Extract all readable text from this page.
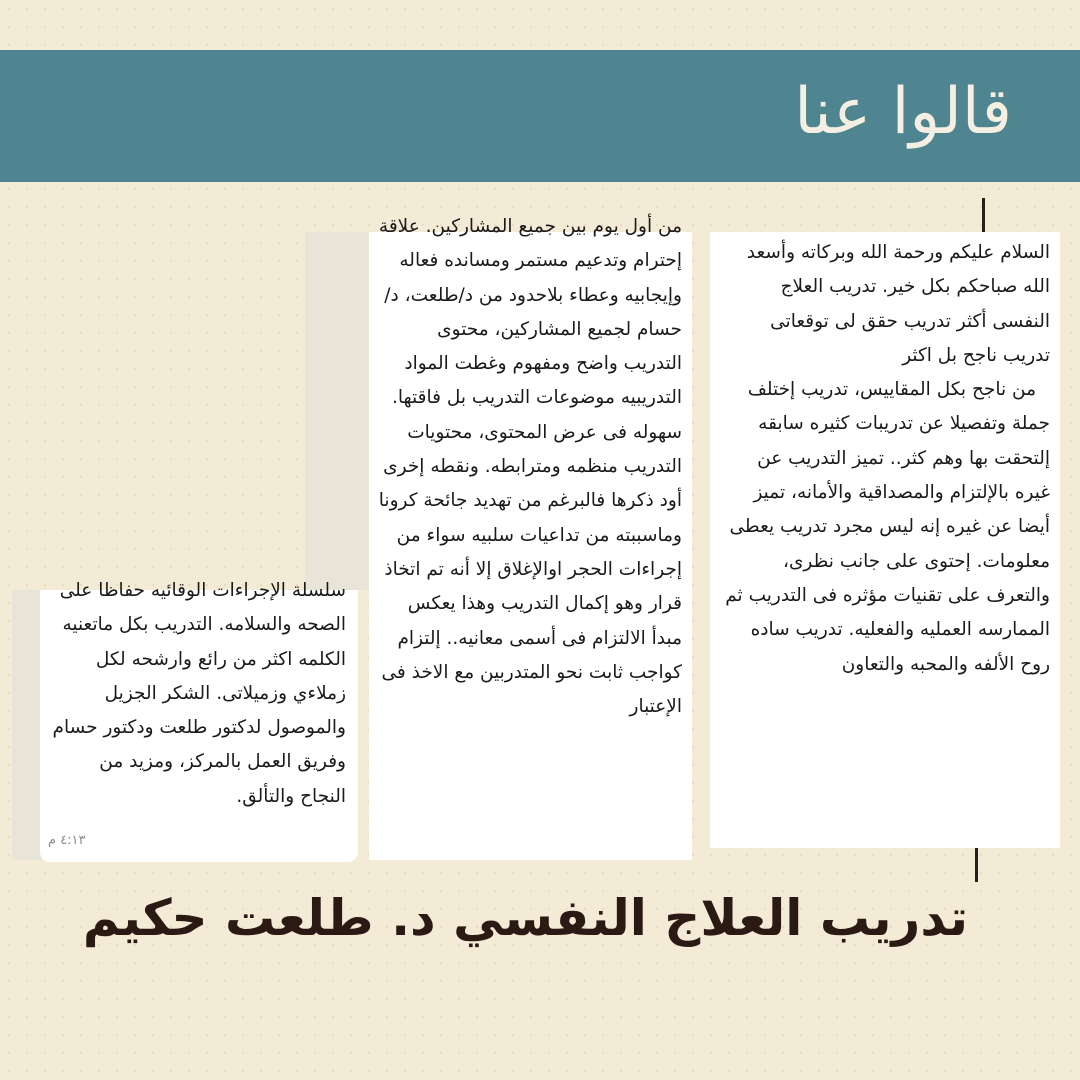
قالوا عنا

السلام عليكم ورحمة الله وبركاته وأسعد الله صباحكم بكل خير. تدريب العلاج النفسى أكثر تدريب حقق لى توقعاتى تدريب ناجح بل اكثر

من ناجح بكل المقاييس، تدريب إختلف جملة وتفصيلا عن تدريبات كثيره سابقه إلتحقت بها وهم كثر.. تميز التدريب عن غيره بالإلتزام والمصداقية والأمانه، تميز أيضا عن غيره إنه ليس مجرد تدريب يعطى معلومات. إحتوى على جانب نظرى، والتعرف على تقنيات مؤثره فى التدريب ثم الممارسه العمليه والفعليه. تدريب ساده روح الألفه والمحبه والتعاون

من أول يوم بين جميع المشاركين. علاقة إحترام وتدعيم مستمر ومسانده فعاله وإيجابيه وعطاء بلاحدود من د/طلعت، د/حسام لجميع المشاركين، محتوى التدريب واضح ومفهوم وغطت المواد التدريبيه موضوعات التدريب بل فاقتها. سهوله فى عرض المحتوى، محتويات التدريب منظمه ومترابطه. ونقطه إخرى أود ذكرها فالبرغم من تهديد جائحة كرونا وماسببته من تداعيات سلبيه سواء من إجراءات الحجر اوالإغلاق إلا أنه تم اتخاذ قرار وهو إكمال التدريب وهذا يعكس مبدأ الالتزام فى أسمى معانيه.. إلتزام كواجب ثابت نحو المتدربين مع الاخذ فى الإعتبار

سلسلة الإجراءات الوقائيه حفاظا على الصحه والسلامه. التدريب بكل ماتعنيه الكلمه اكثر من رائع وارشحه لكل زملاءي وزميلاتى. الشكر الجزيل والموصول لدكتور طلعت ودكتور حسام وفريق العمل بالمركز، ومزيد من النجاح والتألق.

٤:١٣ م
تدريب العلاج النفسي د. طلعت حكيم
